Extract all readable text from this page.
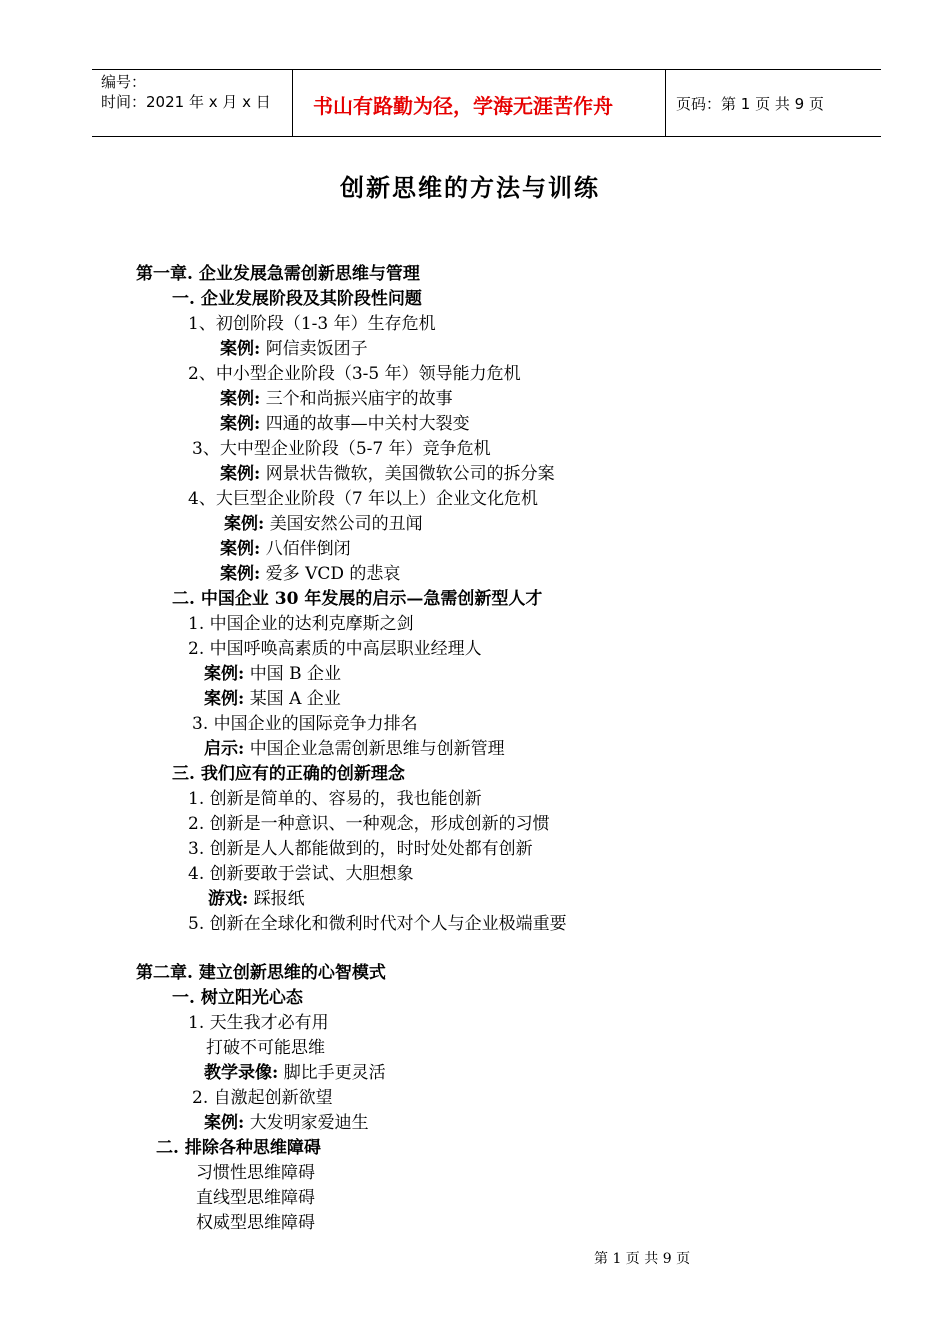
编号：
时间：2021 年 x 月 x 日 书山有路勤为径，学海无涯苦作舟	页码：第 1 页 共 9 页
创新思维的方法与训练
第一章. 企业发展急需创新思维与管理
一. 企业发展阶段及其阶段性问题
1、初创阶段（1-3 年）生存危机
案例: 阿信卖饭团子
2、中小型企业阶段（3-5 年）领导能力危机
案例: 三个和尚振兴庙宇的故事
案例: 四通的故事—中关村大裂变
3、大中型企业阶段（5-7 年）竞争危机
案例: 网景状告微软，美国微软公司的拆分案
4、大巨型企业阶段（7 年以上）企业文化危机
案例: 美国安然公司的丑闻
案例: 八佰伴倒闭
案例: 爱多 VCD 的悲哀
二. 中国企业 30 年发展的启示—急需创新型人才
1. 中国企业的达利克摩斯之剑
2. 中国呼唤高素质的中高层职业经理人
案例: 中国 B 企业
案例: 某国 A 企业
3. 中国企业的国际竞争力排名
启示: 中国企业急需创新思维与创新管理
三. 我们应有的正确的创新理念
1. 创新是简单的、容易的，我也能创新
2. 创新是一种意识、一种观念，形成创新的习惯
3. 创新是人人都能做到的，时时处处都有创新
4. 创新要敢于尝试、大胆想象
游戏: 踩报纸
5. 创新在全球化和微利时代对个人与企业极端重要
第二章. 建立创新思维的心智模式
一. 树立阳光心态
1. 天生我才必有用
打破不可能思维
教学录像: 脚比手更灵活
2. 自激起创新欲望
案例: 大发明家爱迪生
二. 排除各种思维障碍
习惯性思维障碍
直线型思维障碍
权威型思维障碍
第 1 页 共 9 页
